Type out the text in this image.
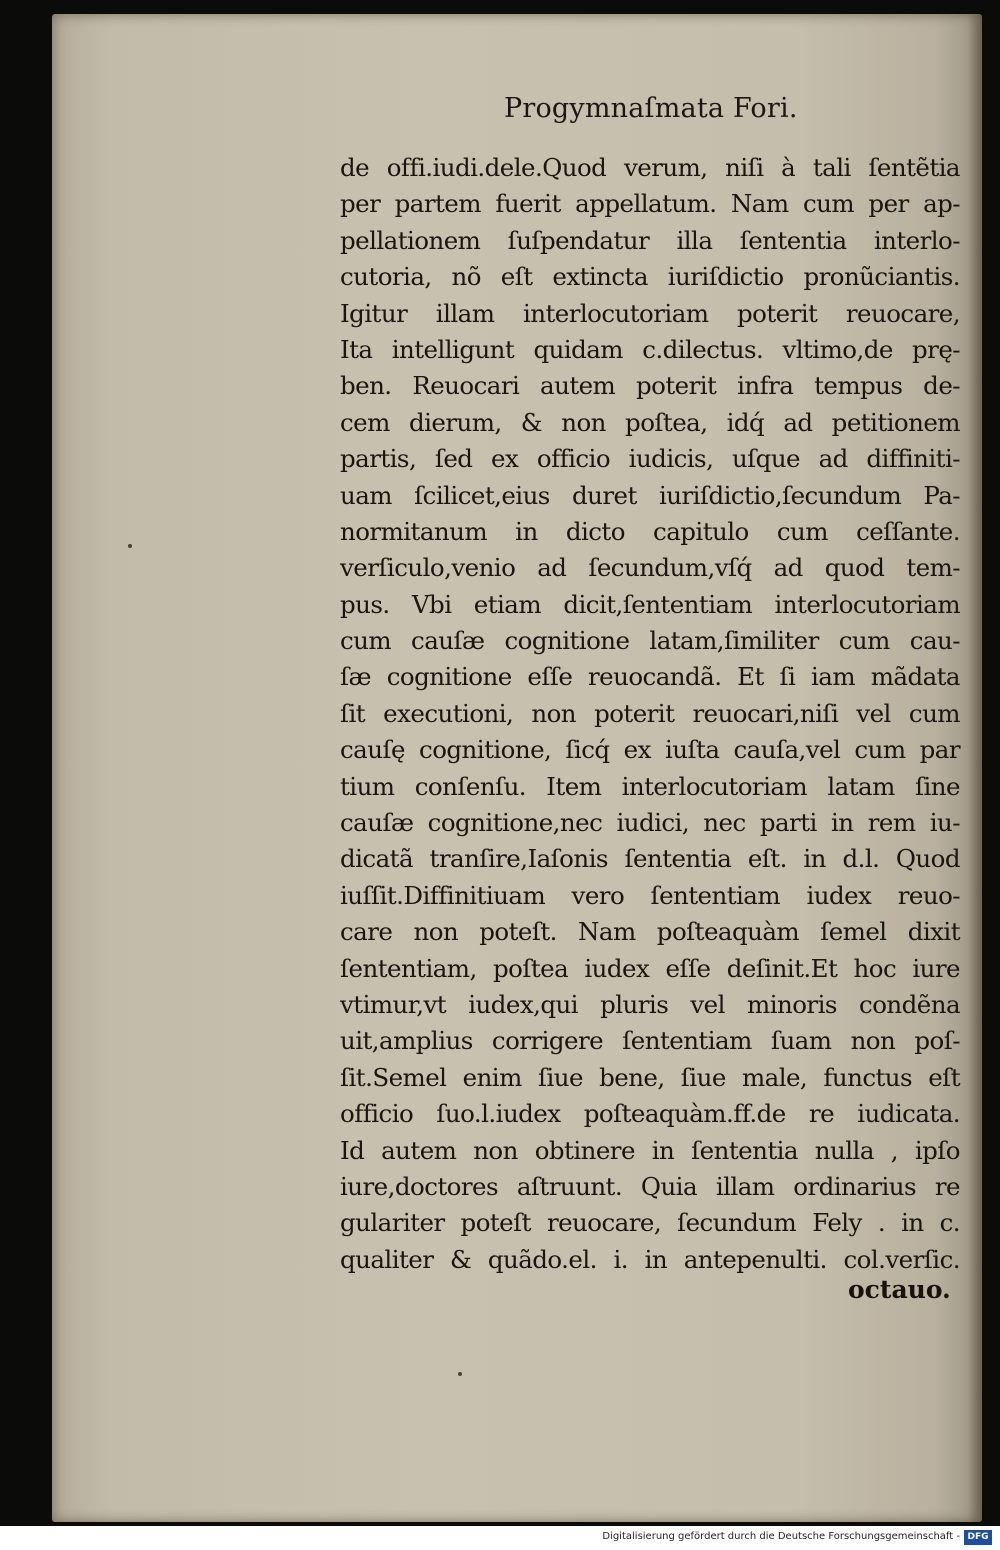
Progymnaſmata Fori.
de offi.iudi.dele.Quod verum, niſi à tali ſentẽtia
per partem fuerit appellatum. Nam cum per ap-
pellationem ſuſpendatur illa ſententia interlo-
cutoria, nõ eſt extincta iuriſdictio pronũciantis.
Igitur illam interlocutoriam poterit reuocare,
Ita intelligunt quidam c.dilectus. vltimo,de prę-
ben. Reuocari autem poterit infra tempus de-
cem dierum, & non poſtea, idq́ ad petitionem
partis, ſed ex officio iudicis, uſque ad diffiniti-
uam ſcilicet,eius duret iuriſdictio,ſecundum Pa-
normitanum in dicto capitulo cum ceſſante.
verſiculo,venio ad ſecundum,vſq́ ad quod tem-
pus. Vbi etiam dicit,ſententiam interlocutoriam
cum cauſæ cognitione latam,ſimiliter cum cau-
ſæ cognitione eſſe reuocandã. Et ſi iam mãdata
ſit executioni, non poterit reuocari,niſi vel cum
cauſę cognitione, ſicq́ ex iuſta cauſa,vel cum par
tium conſenſu. Item interlocutoriam latam ſine
cauſæ cognitione,nec iudici, nec parti in rem iu-
dicatã tranſire,Iaſonis ſententia eſt. in d.l. Quod
iuſſit.Diffinitiuam vero ſententiam iudex reuo-
care non poteſt. Nam poſteaquàm ſemel dixit
ſententiam, poſtea iudex eſſe deſinit.Et hoc iure
vtimur,vt iudex,qui pluris vel minoris condẽna
uit,amplius corrigere ſententiam ſuam non poſ-
ſit.Semel enim ſiue bene, ſiue male, functus eſt
officio ſuo.l.iudex poſteaquàm.ff.de re iudicata.
Id autem non obtinere in ſententia nulla , ipſo
iure,doctores aſtruunt. Quia illam ordinarius re
gulariter poteſt reuocare, ſecundum Fely . in c.
qualiter & quãdo.el. i. in antepenulti. col.verſic.
octauo.
Digitalisierung gefördert durch die Deutsche Forschungsgemeinschaft - DFG
